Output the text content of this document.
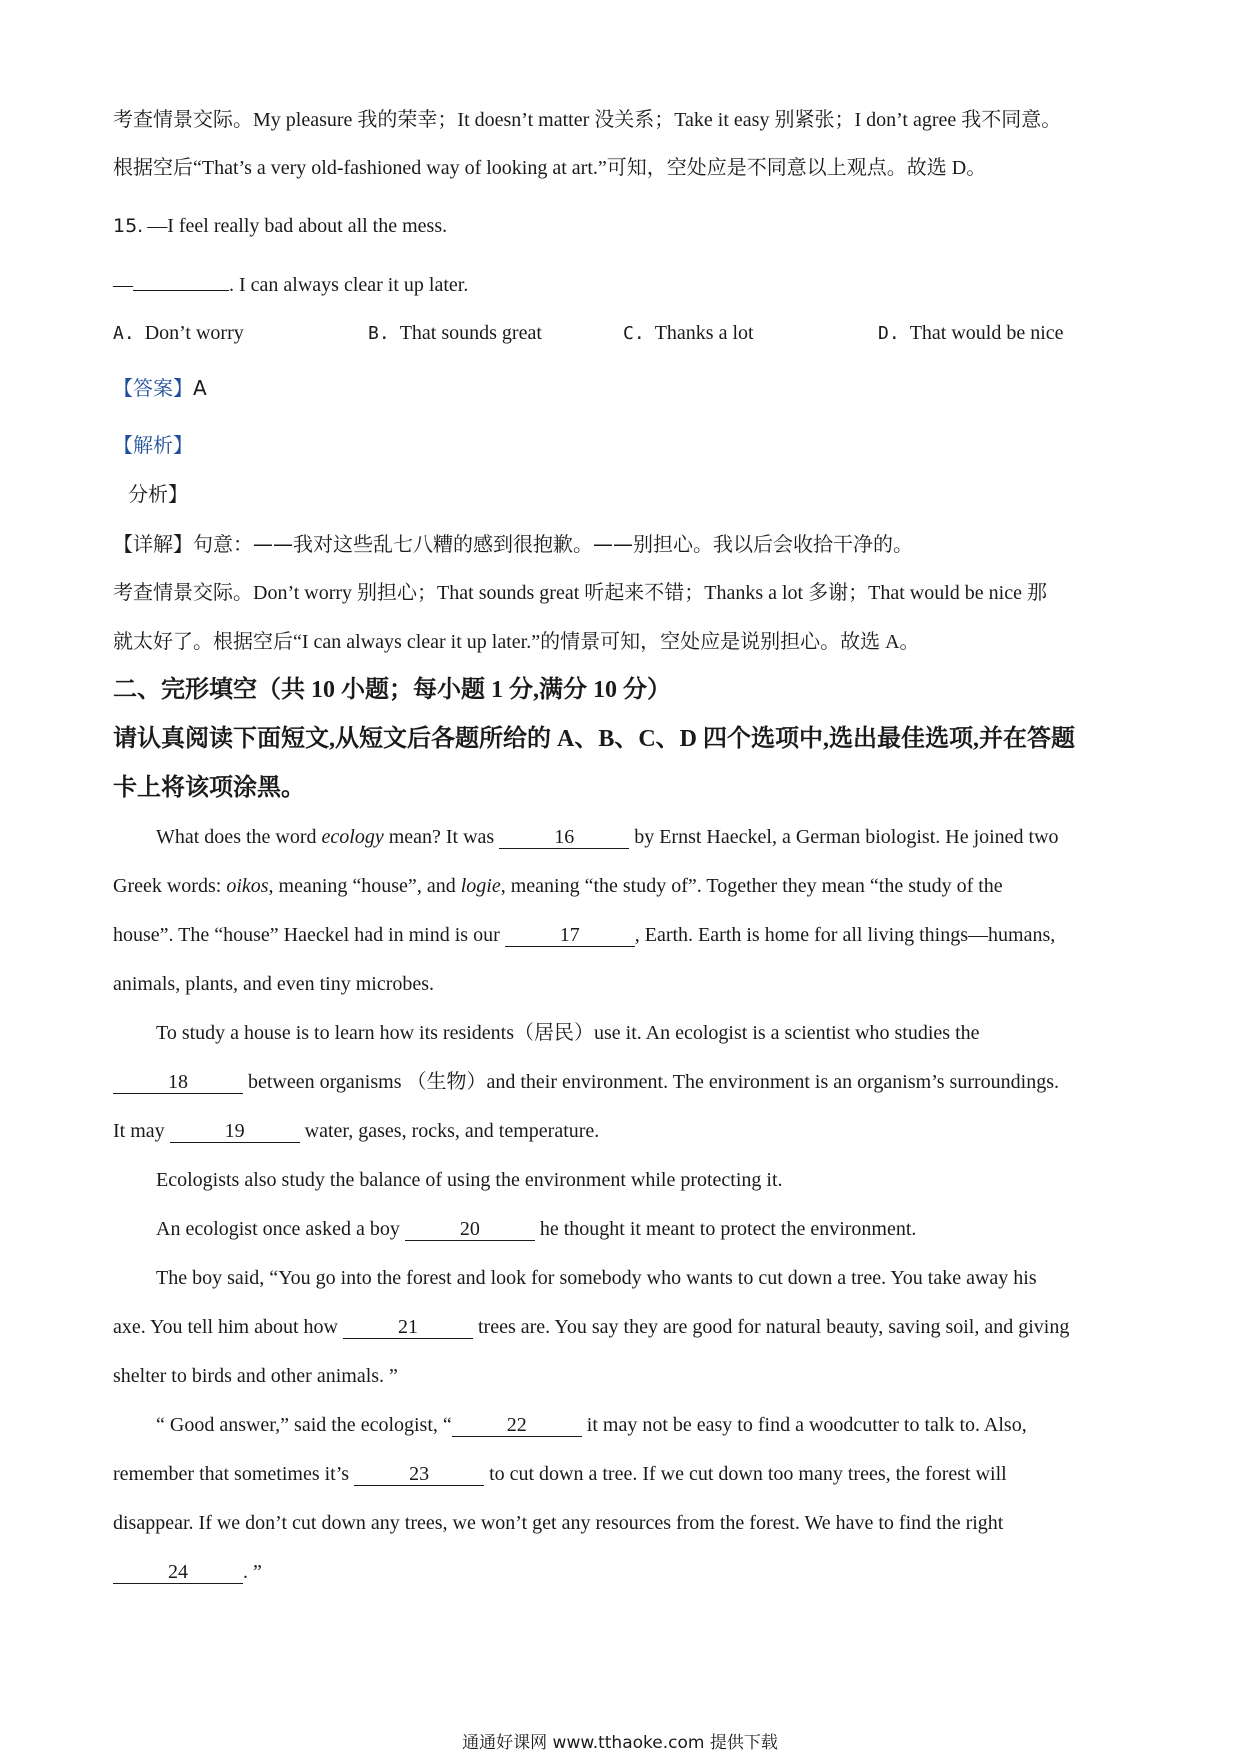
考查情景交际。My pleasure 我的荣幸；It doesn’t matter 没关系；Take it easy 别紧张；I don’t agree 我不同意。
根据空后“That’s a very old-fashioned way of looking at art.”可知，空处应是不同意以上观点。故选 D。
15. —I feel really bad about all the mess.
—	. I can always clear it up later.
A. Don’t worry	B. That sounds great	C. Thanks a lot	D. That would be nice
【答案】A
【解析】
分析】
【详解】句意：——我对这些乱七八糟的感到很抱歉。——别担心。我以后会收拾干净的。
考查情景交际。Don’t worry 别担心；That sounds great 听起来不错；Thanks a lot 多谢；That would be nice 那
就太好了。根据空后“I can always clear it up later.”的情景可知，空处应是说别担心。故选 A。
二、完形填空（共 10 小题；每小题 1 分,满分 10 分）
请认真阅读下面短文,从短文后各题所给的 A、B、C、D 四个选项中,选出最佳选项,并在答题
卡上将该项涂黑。
What does the word ecology mean? It was	16	by Ernst Haeckel, a German biologist. He joined two
Greek words: oikos, meaning “house”, and logie, meaning “the study of”. Together they mean “the study of the
house”. The “house” Haeckel had in mind is our	17	, Earth. Earth is home for all living things—humans,
animals, plants, and even tiny microbes.
To study a house is to learn how its residents（居民）use it. An ecologist is a scientist who studies the
18	between organisms （生物）and their environment. The environment is an organism’s surroundings.
It may	19	water, gases, rocks, and temperature.
Ecologists also study the balance of using the environment while protecting it.
An ecologist once asked a boy	20	he thought it meant to protect the environment.
The boy said, “You go into the forest and look for somebody who wants to cut down a tree. You take away his
axe. You tell him about how	21	trees are. You say they are good for natural beauty, saving soil, and giving
shelter to birds and other animals. ”
“ Good answer,” said the ecologist, “	22	it may not be easy to find a woodcutter to talk to. Also,
remember that sometimes it’s	23	to cut down a tree. If we cut down too many trees, the forest will
disappear. If we don’t cut down any trees, we won’t get any resources from the forest. We have to find the right
24	. ”
通通好课网 www.tthaoke.com 提供下载
